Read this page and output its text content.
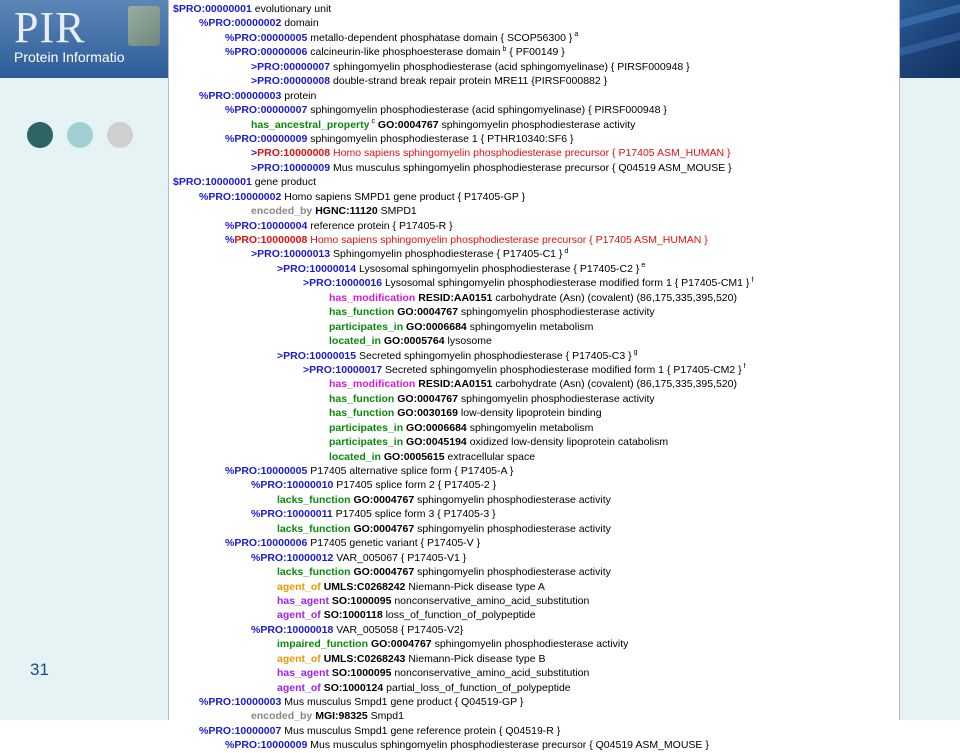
PIR
Protein Informatio
31
$PRO:00000001 evolutionary unit
%PRO:00000002 domain
%PRO:00000005 metallo-dependent phosphatase domain { SCOP56300 } $^a$
%PRO:00000006 calcineurin-like phosphoesterase domain $^b$ { PF00149 }
>PRO:00000007 sphingomyelin phosphodiesterase (acid sphingomyelinase) { PIRSF000948 }
>PRO:00000008 double-strand break repair protein MRE11 {PIRSF000882 }
%PRO:00000003 protein
%PRO:00000007 sphingomyelin phosphodiesterase (acid sphingomyelinase) { PIRSF000948 }
has_ancestral_property $^c$ GO:0004767 sphingomyelin phosphodiesterase activity
%PRO:00000009 sphingomyelin phosphodiesterase 1 { PTHR10340:SF6 }
>PRO:10000008 Homo sapiens sphingomyelin phosphodiesterase precursor { P17405 ASM_HUMAN }
>PRO:10000009 Mus musculus sphingomyelin phosphodiesterase precursor { Q04519 ASM_MOUSE }
$PRO:10000001 gene product
%PRO:10000002 Homo sapiens SMPD1 gene product { P17405-GP }
encoded_by HGNC:11120 SMPD1
%PRO:10000004 reference protein { P17405-R }
%PRO:10000008 Homo sapiens sphingomyelin phosphodiesterase precursor { P17405 ASM_HUMAN }
>PRO:10000013 Sphingomyelin phosphodiesterase { P17405-C1 } $^d$
>PRO:10000014 Lysosomal sphingomyelin phosphodiesterase { P17405-C2 } $^e$
>PRO:10000016 Lysosomal sphingomyelin phosphodiesterase modified form 1 { P17405-CM1 } $^f$
has_modification RESID:AA0151 carbohydrate (Asn) (covalent) (86,175,335,395,520)
has_function GO:0004767 sphingomyelin phosphodiesterase activity
participates_in GO:0006684 sphingomyelin metabolism
located_in GO:0005764 lysosome
>PRO:10000015 Secreted sphingomyelin phosphodiesterase { P17405-C3 } $^g$
>PRO:10000017 Secreted sphingomyelin phosphodiesterase modified form 1 { P17405-CM2 } $^f$
has_modification RESID:AA0151 carbohydrate (Asn) (covalent) (86,175,335,395,520)
has_function GO:0004767 sphingomyelin phosphodiesterase activity
has_function GO:0030169 low-density lipoprotein binding
participates_in GO:0006684 sphingomyelin metabolism
participates_in GO:0045194 oxidized low-density lipoprotein catabolism
located_in GO:0005615 extracellular space
%PRO:10000005 P17405 alternative splice form { P17405-A }
%PRO:10000010 P17405 splice form 2 { P17405-2 }
lacks_function GO:0004767 sphingomyelin phosphodiesterase activity
%PRO:10000011 P17405 splice form 3 { P17405-3 }
lacks_function GO:0004767 sphingomyelin phosphodiesterase activity
%PRO:10000006 P17405 genetic variant { P17405-V }
%PRO:10000012 VAR_005067 { P17405-V1 }
lacks_function GO:0004767 sphingomyelin phosphodiesterase activity
agent_of UMLS:C0268242 Niemann-Pick disease type A
has_agent SO:1000095 nonconservative_amino_acid_substitution
agent_of SO:1000118 loss_of_function_of_polypeptide
%PRO:10000018 VAR_005058 { P17405-V2}
impaired_function GO:0004767 sphingomyelin phosphodiesterase activity
agent_of UMLS:C0268243 Niemann-Pick disease type B
has_agent SO:1000095 nonconservative_amino_acid_substitution
agent_of SO:1000124 partial_loss_of_function_of_polypeptide
%PRO:10000003 Mus musculus Smpd1 gene product { Q04519-GP }
encoded_by MGI:98325 Smpd1
%PRO:10000007 Mus musculus Smpd1 gene reference protein { Q04519-R }
%PRO:10000009 Mus musculus sphingomyelin phosphodiesterase precursor { Q04519 ASM_MOUSE }
